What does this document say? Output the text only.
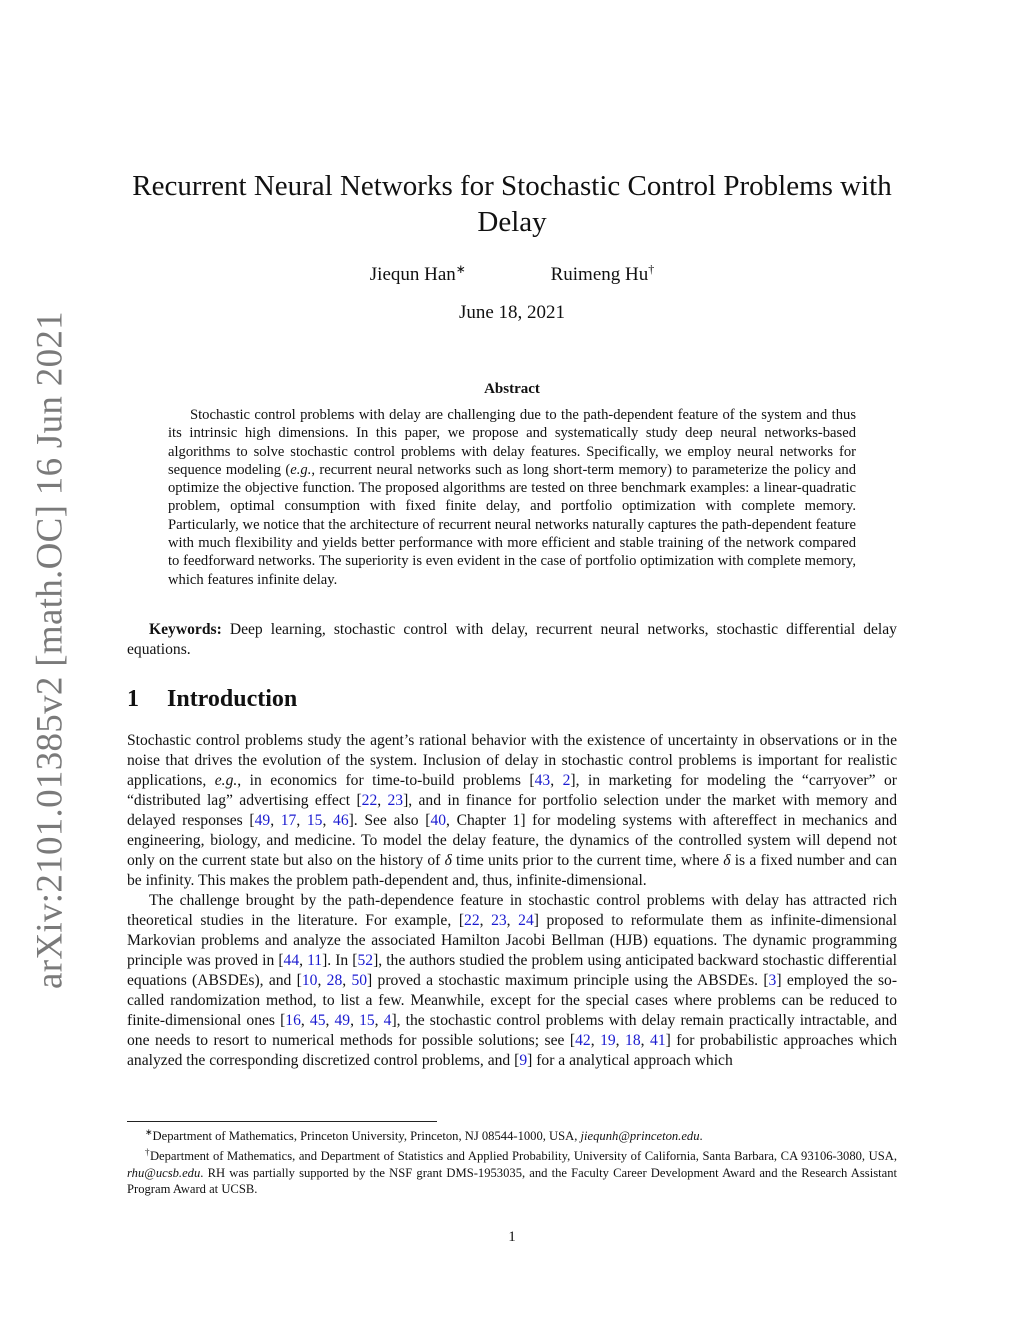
arXiv:2101.01385v2 [math.OC] 16 Jun 2021
Recurrent Neural Networks for Stochastic Control Problems with Delay
Jiequn Han∗	Ruimeng Hu†
June 18, 2021
Abstract

Stochastic control problems with delay are challenging due to the path-dependent feature of the system and thus its intrinsic high dimensions. In this paper, we propose and systematically study deep neural networks-based algorithms to solve stochastic control problems with delay features. Specifically, we employ neural networks for sequence modeling (e.g., recurrent neural networks such as long short-term memory) to parameterize the policy and optimize the objective function. The proposed algorithms are tested on three benchmark examples: a linear-quadratic problem, optimal consumption with fixed finite delay, and portfolio optimization with complete memory. Particularly, we notice that the architecture of recurrent neural networks naturally captures the path-dependent feature with much flexibility and yields better performance with more efficient and stable training of the network compared to feedforward networks. The superiority is even evident in the case of portfolio optimization with complete memory, which features infinite delay.

Keywords: Deep learning, stochastic control with delay, recurrent neural networks, stochastic differential delay equations.

1 Introduction

Stochastic control problems study the agent’s rational behavior with the existence of uncertainty in observations or in the noise that drives the evolution of the system. Inclusion of delay in stochastic control problems is important for realistic applications, e.g., in economics for time-to-build problems [43, 2], in marketing for modeling the “carryover” or “distributed lag” advertising effect [22, 23], and in finance for portfolio selection under the market with memory and delayed responses [49, 17, 15, 46]. See also [40, Chapter 1] for modeling systems with aftereffect in mechanics and engineering, biology, and medicine. To model the delay feature, the dynamics of the controlled system will depend not only on the current state but also on the history of δ time units prior to the current time, where δ is a fixed number and can be infinity. This makes the problem path-dependent and, thus, infinite-dimensional.

The challenge brought by the path-dependence feature in stochastic control problems with delay has attracted rich theoretical studies in the literature. For example, [22, 23, 24] proposed to reformulate them as infinite-dimensional Markovian problems and analyze the associated Hamilton Jacobi Bellman (HJB) equations. The dynamic programming principle was proved in [44, 11]. In [52], the authors studied the problem using anticipated backward stochastic differential equations (ABSDEs), and [10, 28, 50] proved a stochastic maximum principle using the ABSDEs. [3] employed the so-called randomization method, to list a few. Meanwhile, except for the special cases where problems can be reduced to finite-dimensional ones [16, 45, 49, 15, 4], the stochastic control problems with delay remain practically intractable, and one needs to resort to numerical methods for possible solutions; see [42, 19, 18, 41] for probabilistic approaches which analyzed the corresponding discretized control problems, and [9] for a analytical approach which

∗Department of Mathematics, Princeton University, Princeton, NJ 08544-1000, USA, jiequnh@princeton.edu.

†Department of Mathematics, and Department of Statistics and Applied Probability, University of California, Santa Barbara, CA 93106-3080, USA, rhu@ucsb.edu. RH was partially supported by the NSF grant DMS-1953035, and the Faculty Career Development Award and the Research Assistant Program Award at UCSB.

1
